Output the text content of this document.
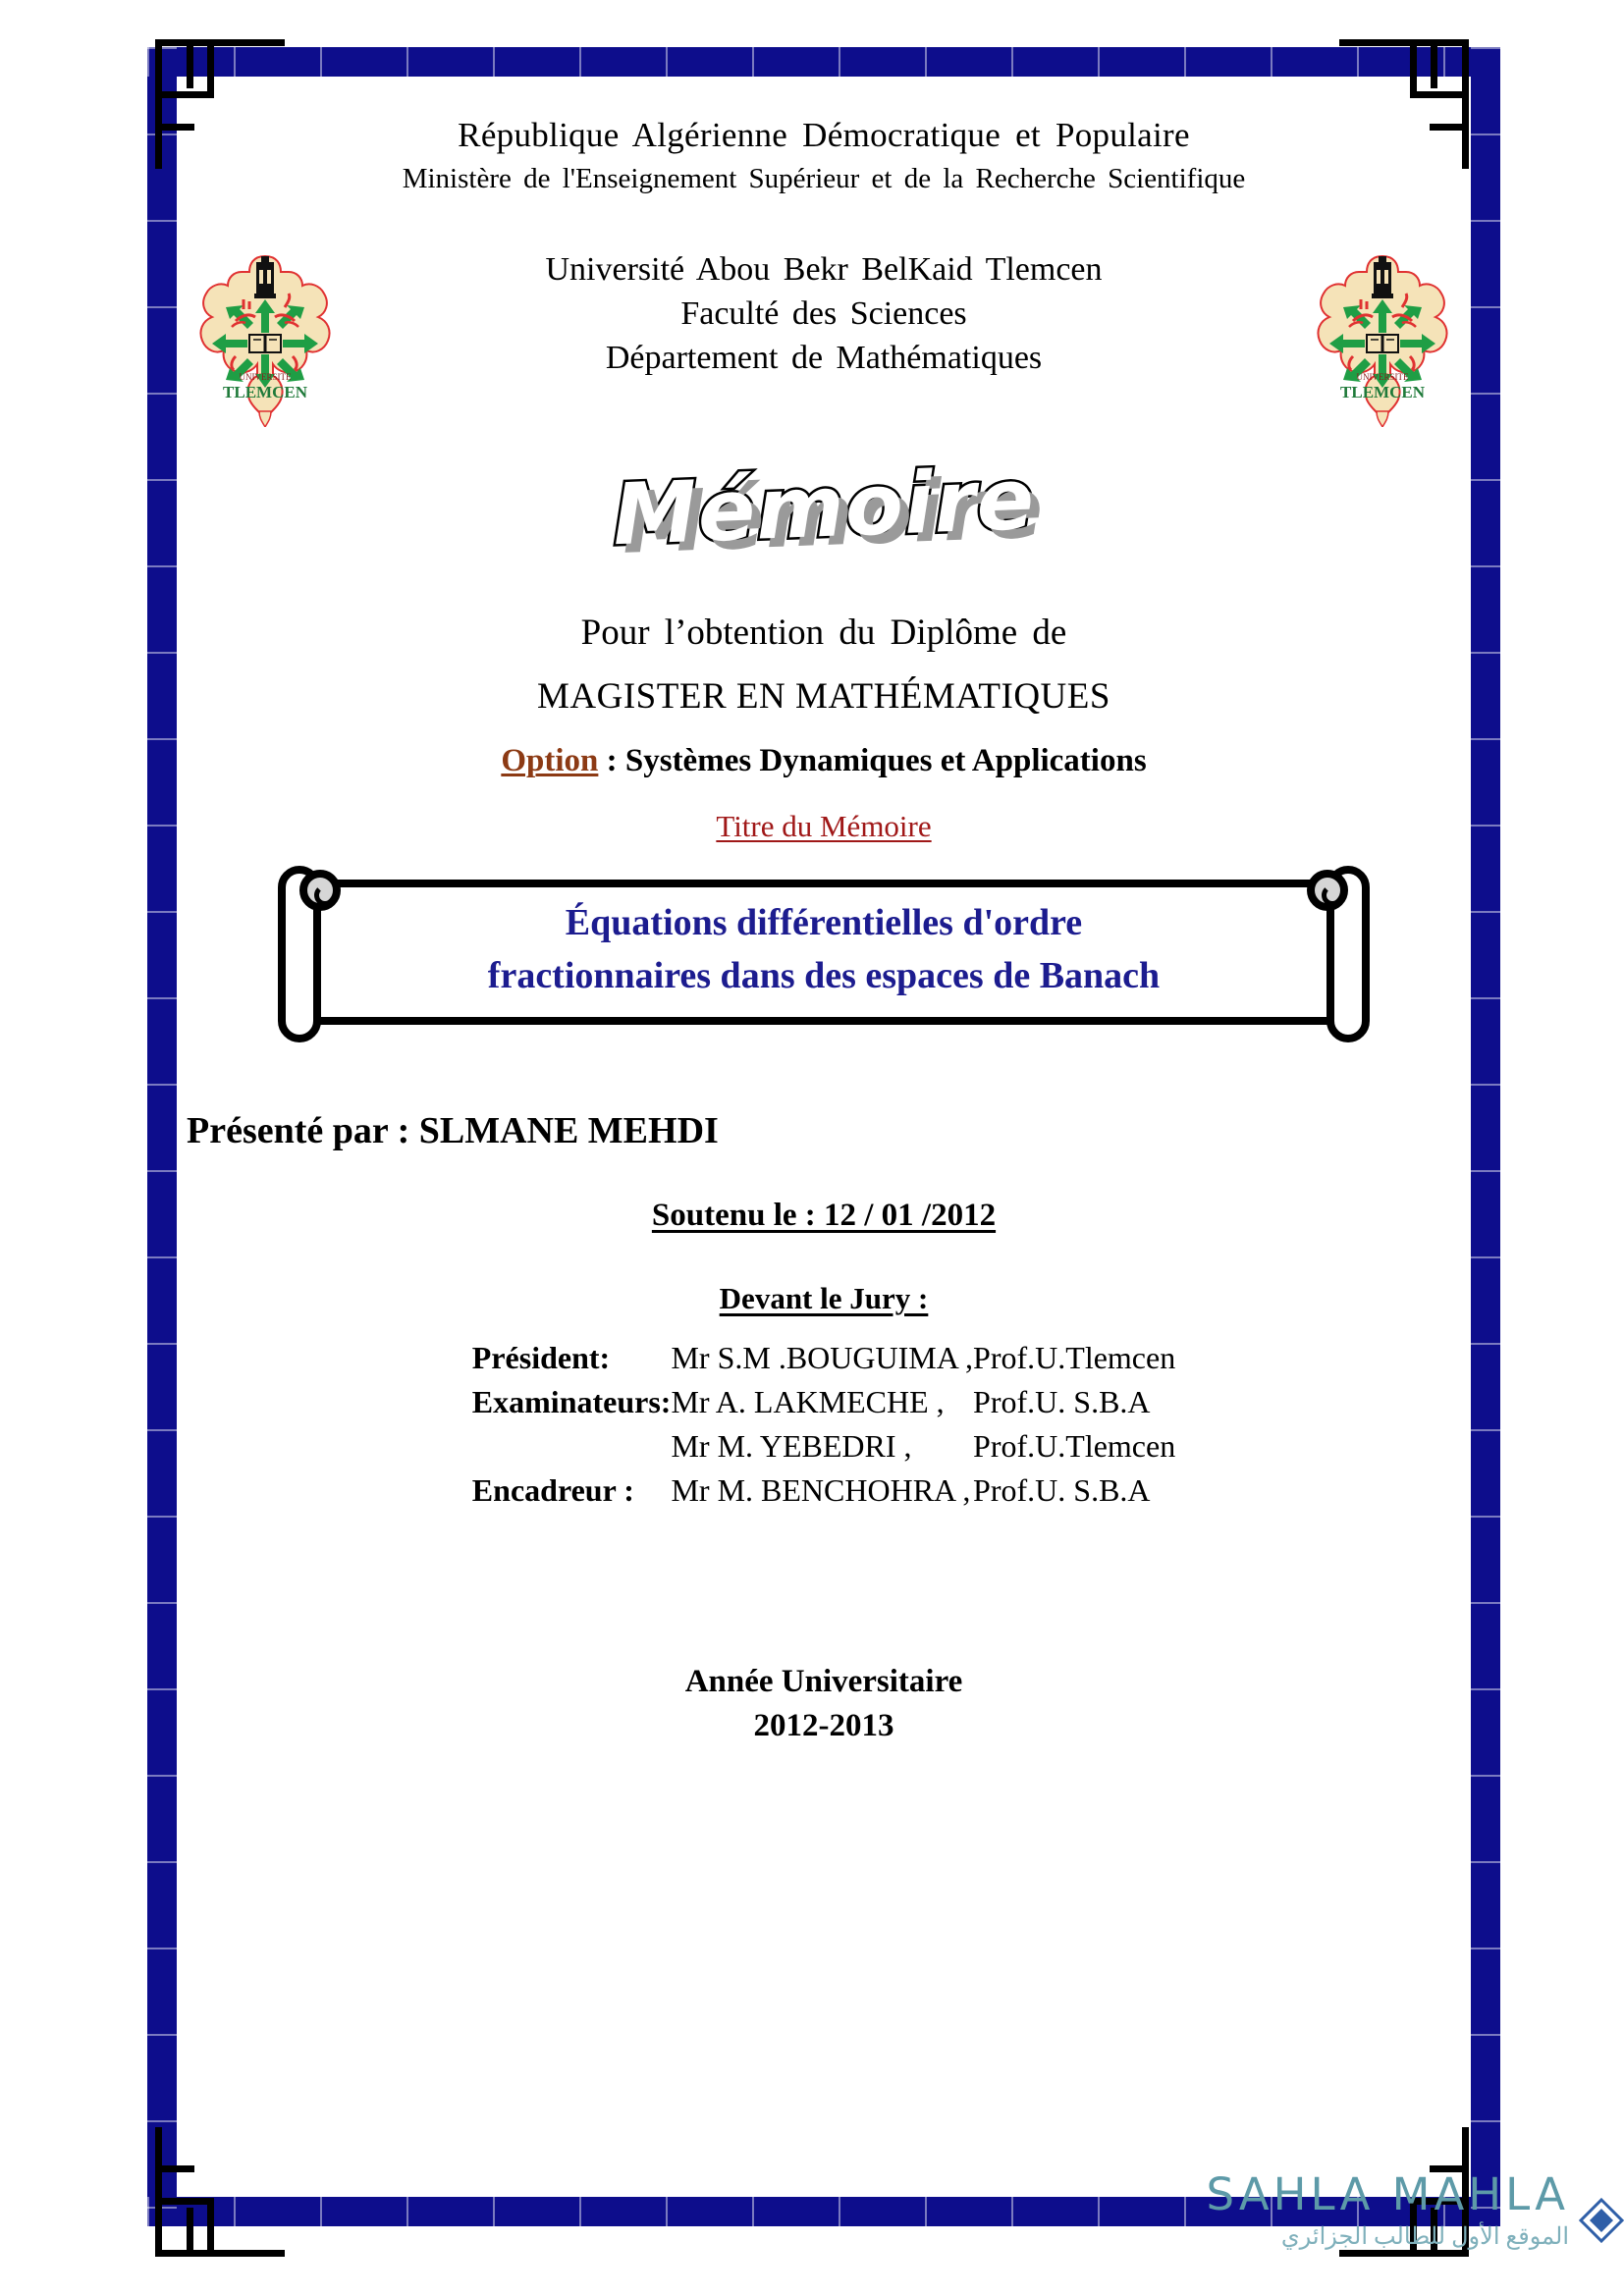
République Algérienne Démocratique et Populaire
Ministère de l'Enseignement Supérieur et de la Recherche Scientifique
UNIVERSITE
TLEMCEN
Université Abou Bekr BelKaid Tlemcen
Faculté des Sciences
Département de Mathématiques
UNIVERSITE
TLEMCEN
Mémoire
Pour l’obtention du Diplôme de
MAGISTER EN MATHÉMATIQUES
Option : Systèmes Dynamiques et Applications
Titre du Mémoire
Équations différentielles d'ordre
fractionnaires dans des espaces de Banach
Présenté par : SLMANE MEHDI
Soutenu le : 12 / 01 /2012
Devant le Jury :
Président:	Mr S.M .BOUGUIMA ,	Prof.	U.Tlemcen
Examinateurs:	Mr A. LAKMECHE ,	Prof.	U. S.B.A
	Mr M. YEBEDRI ,	Prof.	U.Tlemcen
Encadreur :	Mr M. BENCHOHRA ,	Prof.	U. S.B.A
Année Universitaire
2012-2013
SAHLA MAHLA
الموقع الأول للطالب الجزائري
